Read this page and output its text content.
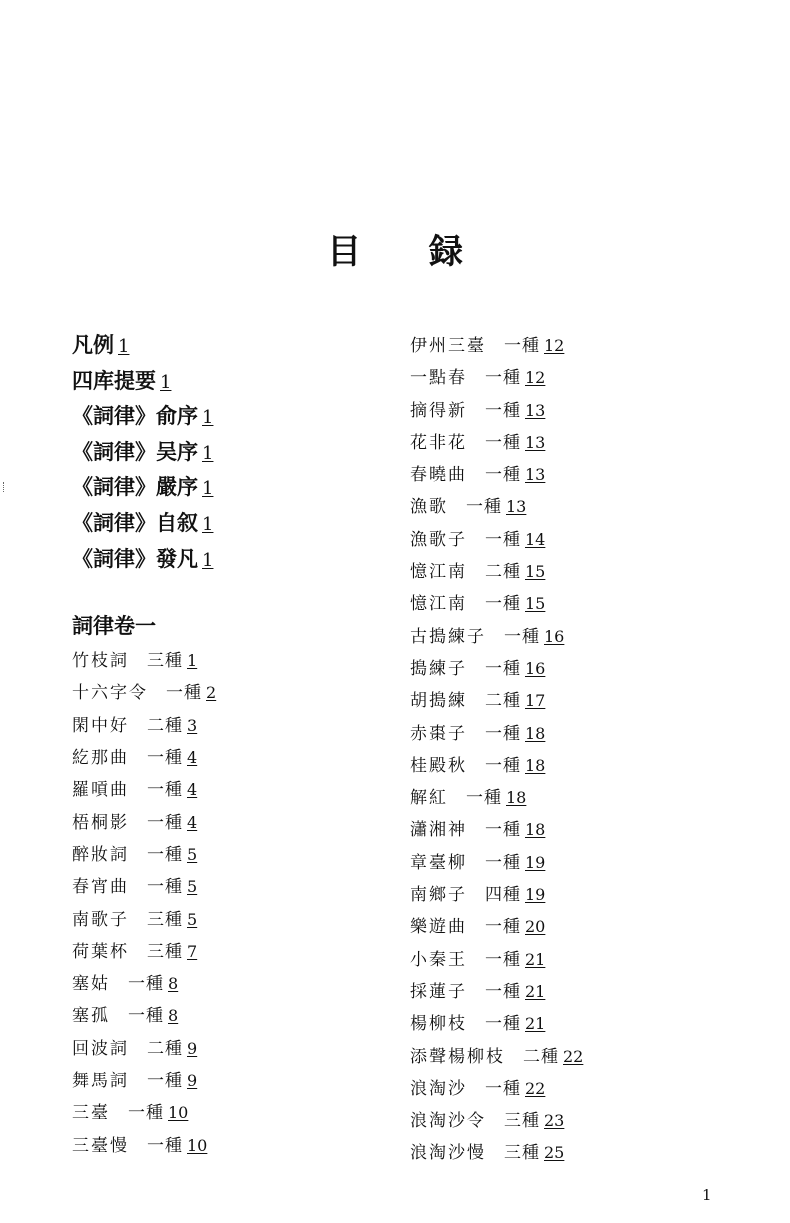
目 録
凡例 1
四库提要 1
《詞律》俞序 1
《詞律》吴序 1
《詞律》嚴序 1
《詞律》自叙 1
《詞律》發凡 1
詞律卷一
竹枝詞 三種 1
十六字令 一種 2
閑中好 二種 3
紇那曲 一種 4
羅嗊曲 一種 4
梧桐影 一種 4
醉妝詞 一種 5
春宵曲 一種 5
南歌子 三種 5
荷葉杯 三種 7
塞姑 一種 8
塞孤 一種 8
回波詞 二種 9
舞馬詞 一種 9
三臺 一種 10
三臺慢 一種 10
伊州三臺 一種 12
一點春 一種 12
摘得新 一種 13
花非花 一種 13
春曉曲 一種 13
漁歌 一種 13
漁歌子 一種 14
憶江南 二種 15
憶江南 一種 15
古搗練子 一種 16
搗練子 一種 16
胡搗練 二種 17
赤棗子 一種 18
桂殿秋 一種 18
解紅 一種 18
瀟湘神 一種 18
章臺柳 一種 19
南鄉子 四種 19
樂遊曲 一種 20
小秦王 一種 21
採蓮子 一種 21
楊柳枝 一種 21
添聲楊柳枝 二種 22
浪淘沙 一種 22
浪淘沙令 三種 23
浪淘沙慢 三種 25
1
